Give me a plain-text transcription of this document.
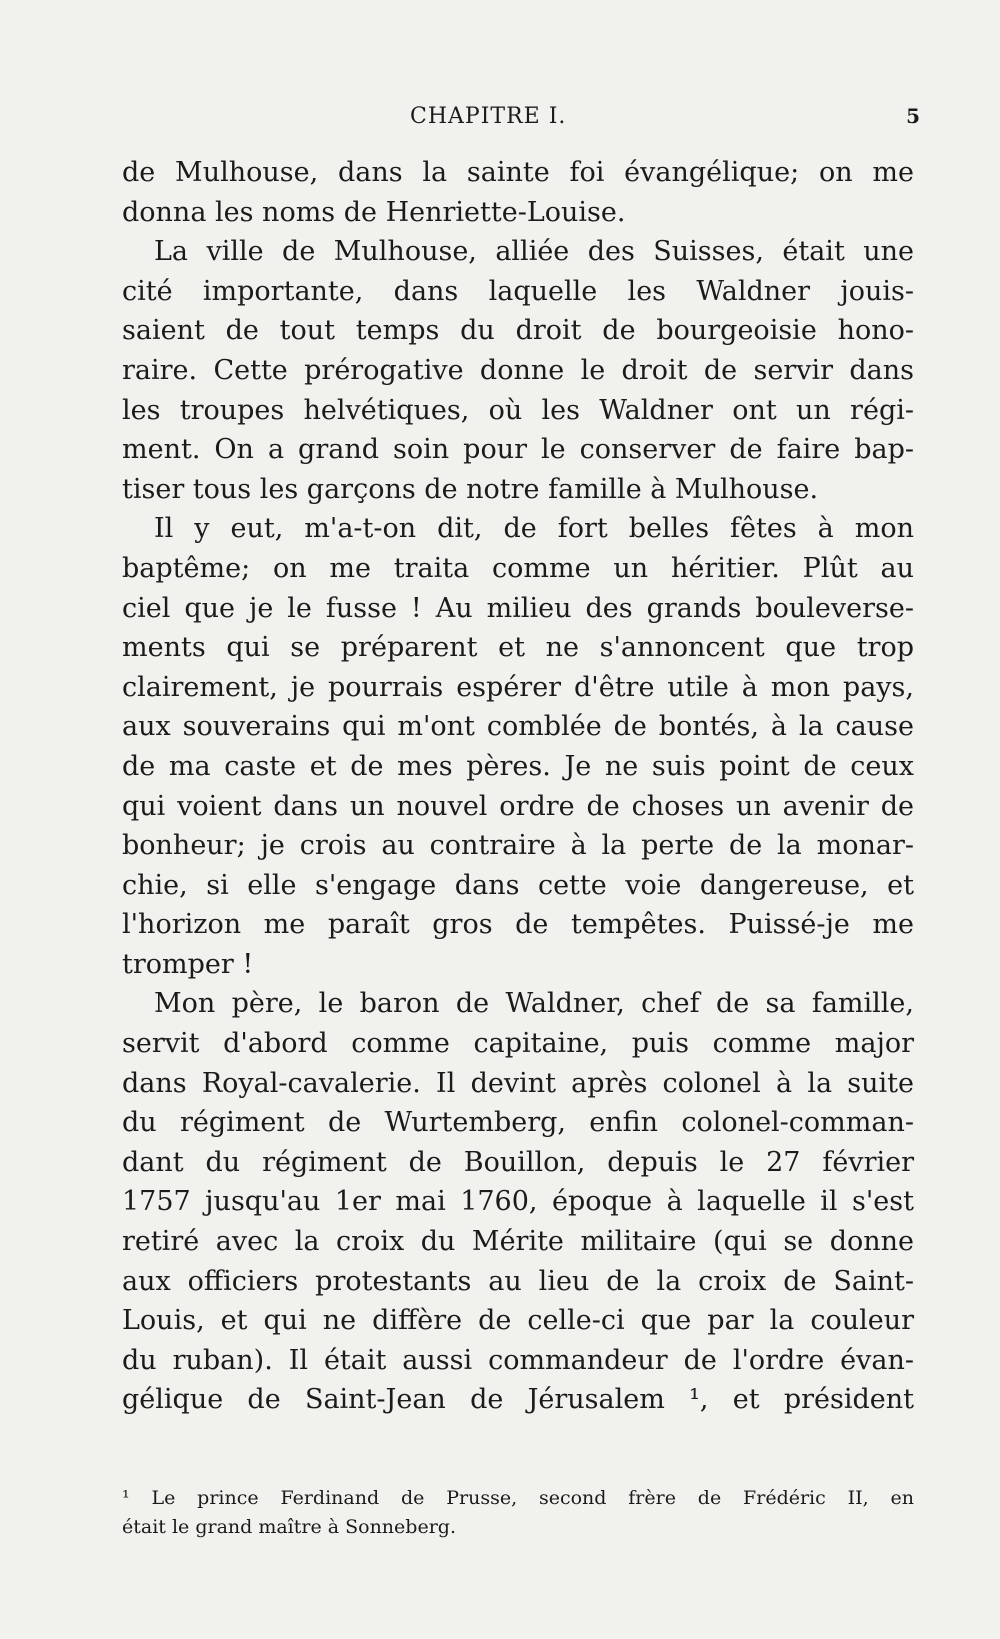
CHAPITRE I.	5
de Mulhouse, dans la sainte foi évangélique; on me
donna les noms de Henriette-Louise.
La ville de Mulhouse, alliée des Suisses, était une
cité importante, dans laquelle les Waldner jouis-
saient de tout temps du droit de bourgeoisie hono-
raire. Cette prérogative donne le droit de servir dans
les troupes helvétiques, où les Waldner ont un régi-
ment. On a grand soin pour le conserver de faire bap-
tiser tous les garçons de notre famille à Mulhouse.
Il y eut, m'a-t-on dit, de fort belles fêtes à mon
baptême; on me traita comme un héritier. Plût au
ciel que je le fusse ! Au milieu des grands bouleverse-
ments qui se préparent et ne s'annoncent que trop
clairement, je pourrais espérer d'être utile à mon pays,
aux souverains qui m'ont comblée de bontés, à la cause
de ma caste et de mes pères. Je ne suis point de ceux
qui voient dans un nouvel ordre de choses un avenir de
bonheur; je crois au contraire à la perte de la monar-
chie, si elle s'engage dans cette voie dangereuse, et
l'horizon me paraît gros de tempêtes. Puissé-je me
tromper !
Mon père, le baron de Waldner, chef de sa famille,
servit d'abord comme capitaine, puis comme major
dans Royal-cavalerie. Il devint après colonel à la suite
du régiment de Wurtemberg, enfin colonel-comman-
dant du régiment de Bouillon, depuis le 27 février
1757 jusqu'au 1er mai 1760, époque à laquelle il s'est
retiré avec la croix du Mérite militaire (qui se donne
aux officiers protestants au lieu de la croix de Saint-
Louis, et qui ne diffère de celle-ci que par la couleur
du ruban). Il était aussi commandeur de l'ordre évan-
gélique de Saint-Jean de Jérusalem ¹, et président
¹ Le prince Ferdinand de Prusse, second frère de Frédéric II, en
était le grand maître à Sonneberg.
